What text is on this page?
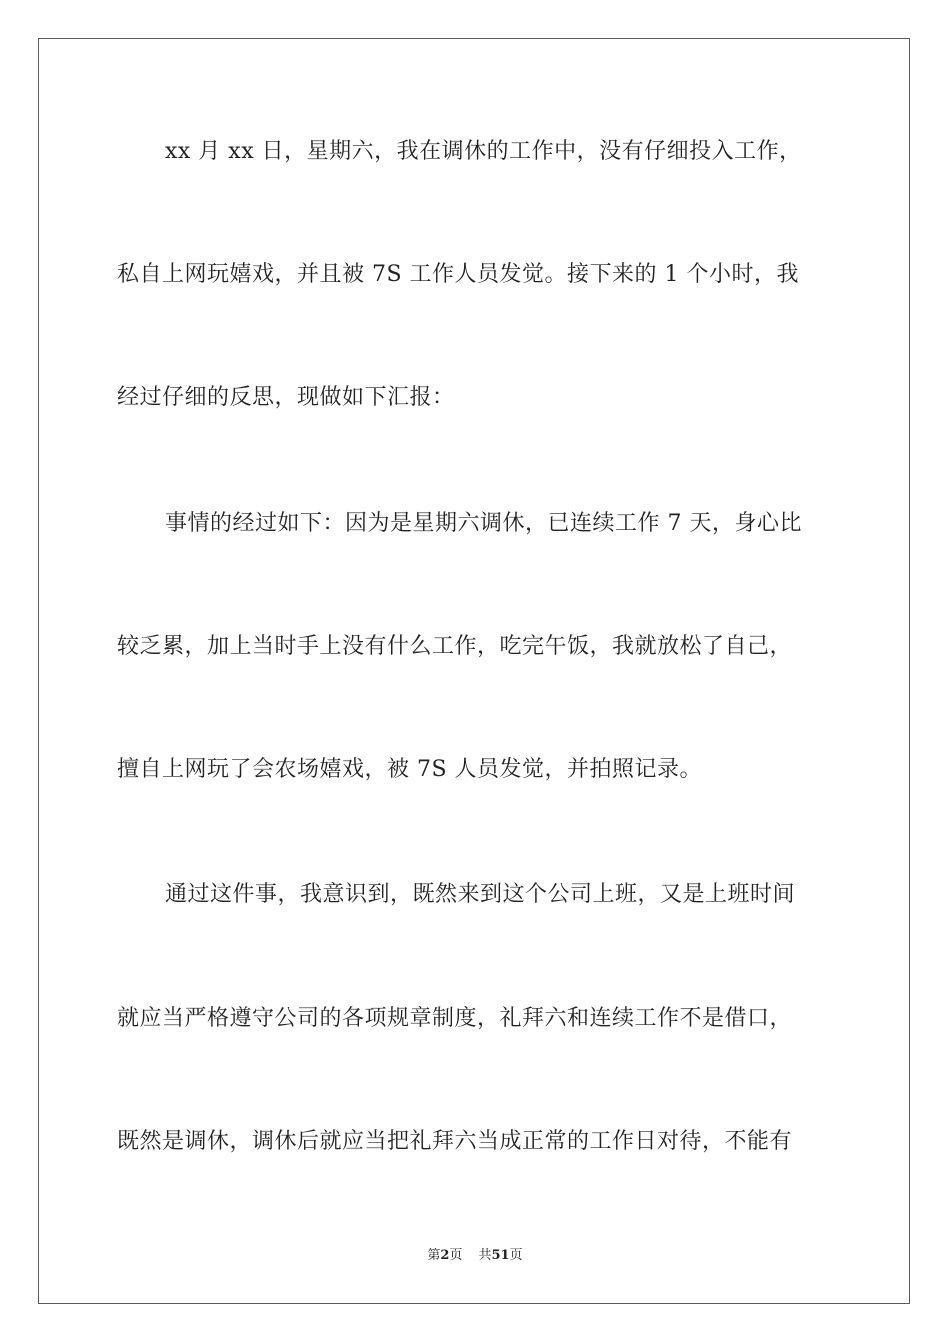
xx 月 xx 日，星期六，我在调休的工作中，没有仔细投入工作，
私自上网玩嬉戏，并且被 7S 工作人员发觉。接下来的 1 个小时，我
经过仔细的反思，现做如下汇报：
事情的经过如下：因为是星期六调休，已连续工作 7 天，身心比
较乏累，加上当时手上没有什么工作，吃完午饭，我就放松了自己，
擅自上网玩了会农场嬉戏，被 7S 人员发觉，并拍照记录。
通过这件事，我意识到，既然来到这个公司上班，又是上班时间
就应当严格遵守公司的各项规章制度，礼拜六和连续工作不是借口，
既然是调休，调休后就应当把礼拜六当成正常的工作日对待，不能有
第2页 共51页
